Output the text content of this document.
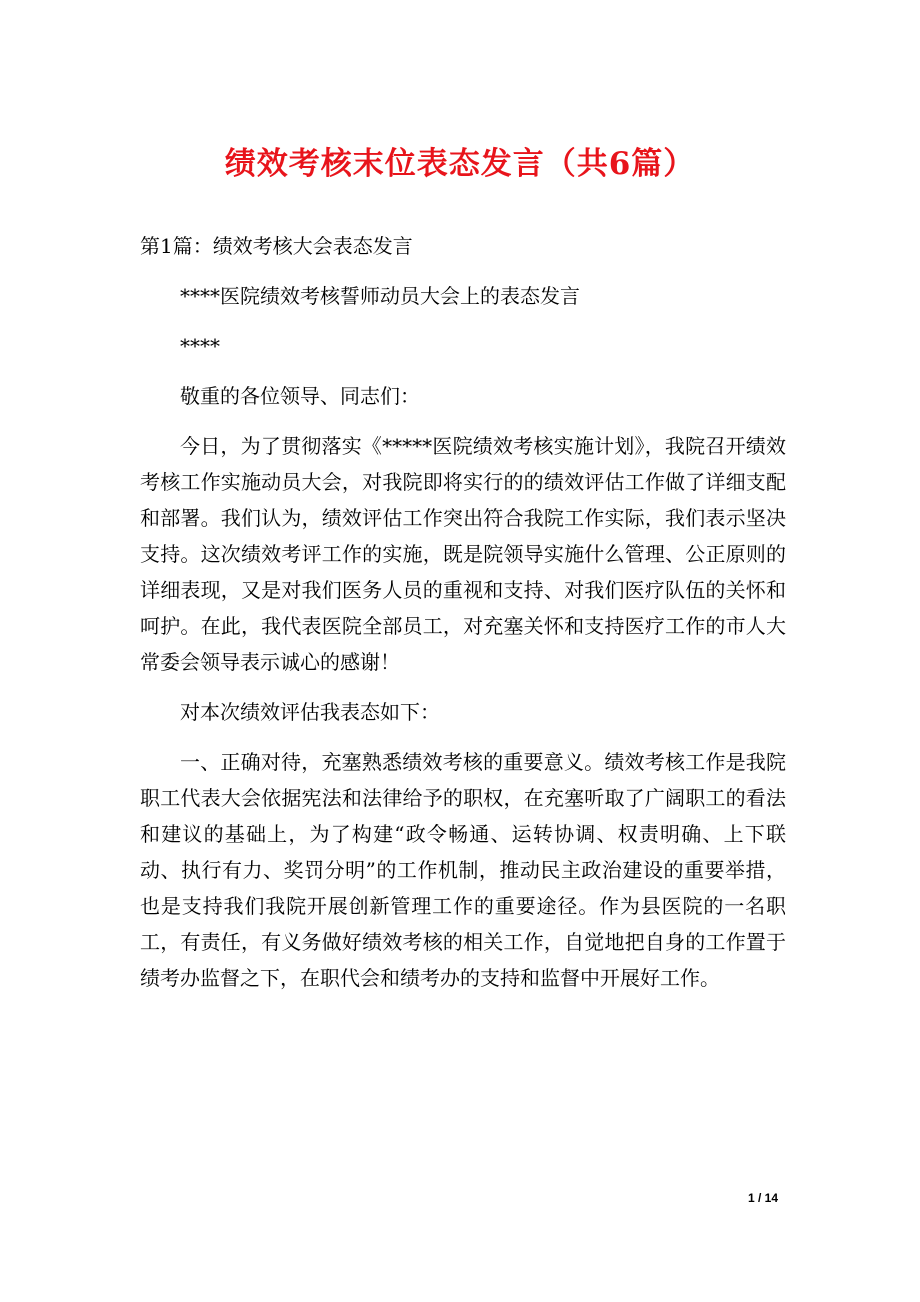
绩效考核末位表态发言（共6篇）
第1篇：绩效考核大会表态发言

****医院绩效考核誓师动员大会上的表态发言

****

敬重的各位领导、同志们：

今日，为了贯彻落实《*****医院绩效考核实施计划》，我院召开绩效考核工作实施动员大会，对我院即将实行的的绩效评估工作做了详细支配和部署。我们认为，绩效评估工作突出符合我院工作实际，我们表示坚决支持。这次绩效考评工作的实施，既是院领导实施什么管理、公正原则的详细表现，又是对我们医务人员的重视和支持、对我们医疗队伍的关怀和呵护。在此，我代表医院全部员工，对充塞关怀和支持医疗工作的市人大常委会领导表示诚心的感谢！

对本次绩效评估我表态如下：

一、正确对待，充塞熟悉绩效考核的重要意义。绩效考核工作是我院职工代表大会依据宪法和法律给予的职权，在充塞听取了广阔职工的看法和建议的基础上，为了构建“政令畅通、运转协调、权责明确、上下联动、执行有力、奖罚分明”的工作机制，推动民主政治建设的重要举措，也是支持我们我院开展创新管理工作的重要途径。作为县医院的一名职工，有责任，有义务做好绩效考核的相关工作，自觉地把自身的工作置于绩考办监督之下，在职代会和绩考办的支持和监督中开展好工作。

1 / 14
